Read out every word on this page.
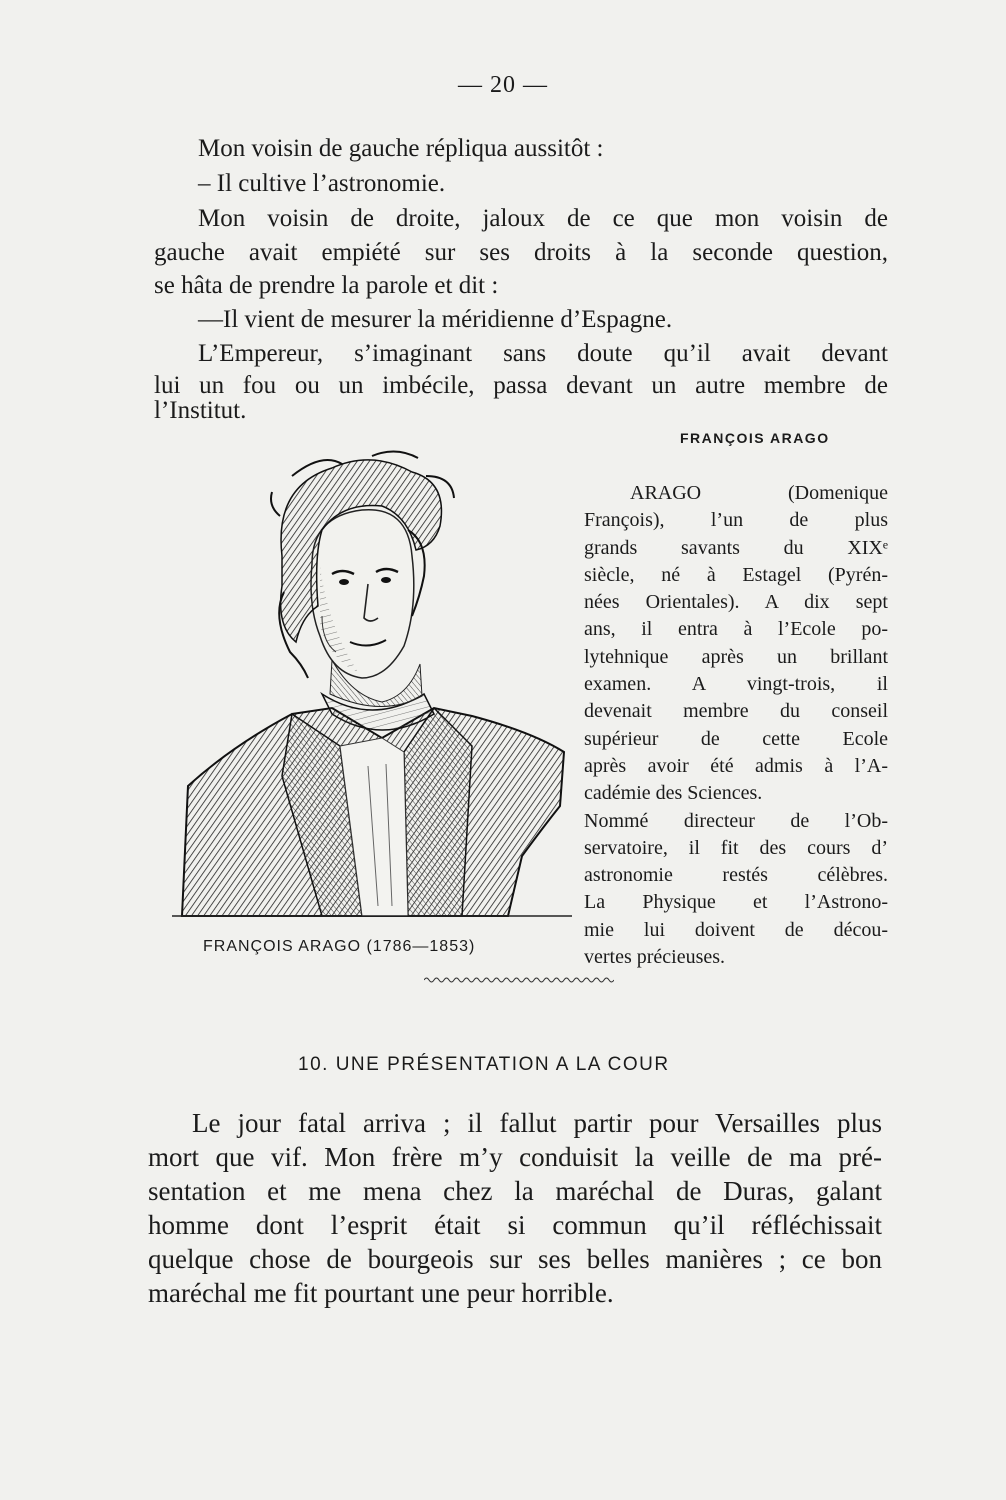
— 20 —
Mon voisin de gauche répliqua aussitôt :
– Il cultive l’astronomie.
Mon voisin de droite, jaloux de ce que mon voisin de
gauche avait empiété sur ses droits à la seconde question,
se hâta de prendre la parole et dit :
—Il vient de mesurer la méridienne d’Espagne.
L’Empereur, s’imaginant sans doute qu’il avait devant
lui un fou ou un imbécile, passa devant un autre membre de
l’Institut.
FRANÇOIS ARAGO
ARAGO (Domenique
François), l’un de plus
grands savants du XIXᵉ
siècle, né à Estagel (Pyrén-
nées Orientales). A dix sept
ans, il entra à l’Ecole po-
lytehnique après un brillant
examen. A vingt-trois, il
devenait membre du conseil
supérieur de cette Ecole
après avoir été admis à l’A-
cadémie des Sciences.
Nommé directeur de l’Ob-
servatoire, il fit des cours d’
astronomie restés célèbres.
La Physique et l’Astrono-
mie lui doivent de décou-
vertes précieuses.
FRANÇOIS ARAGO (1786—1853)
10. UNE PRÉSENTATION A LA COUR
Le jour fatal arriva ; il fallut partir pour Versailles plus
mort que vif. Mon frère m’y conduisit la veille de ma pré-
sentation et me mena chez la maréchal de Duras, galant
homme dont l’esprit était si commun qu’il réfléchissait
quelque chose de bourgeois sur ses belles manières ; ce bon
maréchal me fit pourtant une peur horrible.
